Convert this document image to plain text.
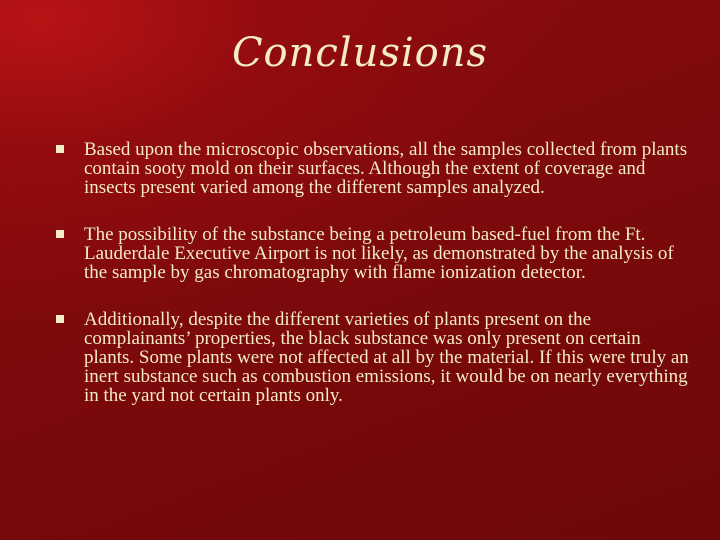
Conclusions
Based upon the microscopic observations, all the samples collected from plants contain sooty mold on their surfaces. Although the extent of coverage and insects present varied among the different samples analyzed.
The possibility of the substance being a petroleum based-fuel from the Ft. Lauderdale Executive Airport is not likely, as demonstrated by the analysis of the sample by gas chromatography with flame ionization detector.
Additionally, despite the different varieties of plants present on the complainants’ properties, the black substance was only present on certain plants. Some plants were not affected at all by the material. If this were truly an inert substance such as combustion emissions, it would be on nearly everything in the yard not certain plants only.
